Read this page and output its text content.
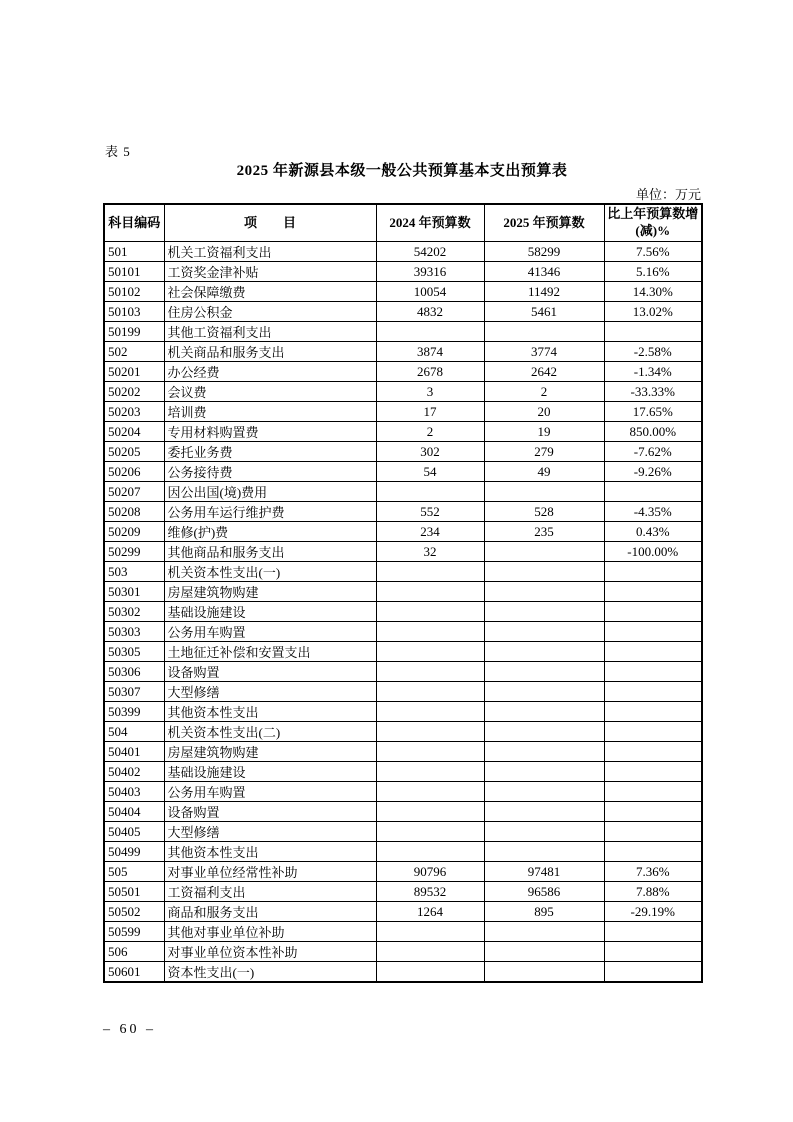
表 5
2025 年新源县本级一般公共预算基本支出预算表
单位：万元
科目编码	项　　目	2024 年预算数	2025 年预算数	比上年预算数增(减)%
501	机关工资福利支出	54202	58299	7.56%
50101	工资奖金津补贴	39316	41346	5.16%
50102	社会保障缴费	10054	11492	14.30%
50103	住房公积金	4832	5461	13.02%
50199	其他工资福利支出			
502	机关商品和服务支出	3874	3774	-2.58%
50201	办公经费	2678	2642	-1.34%
50202	会议费	3	2	-33.33%
50203	培训费	17	20	17.65%
50204	专用材料购置费	2	19	850.00%
50205	委托业务费	302	279	-7.62%
50206	公务接待费	54	49	-9.26%
50207	因公出国(境)费用			
50208	公务用车运行维护费	552	528	-4.35%
50209	维修(护)费	234	235	0.43%
50299	其他商品和服务支出	32		-100.00%
503	机关资本性支出(一)			
50301	房屋建筑物购建			
50302	基础设施建设			
50303	公务用车购置			
50305	土地征迁补偿和安置支出			
50306	设备购置			
50307	大型修缮			
50399	其他资本性支出			
504	机关资本性支出(二)			
50401	房屋建筑物购建			
50402	基础设施建设			
50403	公务用车购置			
50404	设备购置			
50405	大型修缮			
50499	其他资本性支出			
505	对事业单位经常性补助	90796	97481	7.36%
50501	工资福利支出	89532	96586	7.88%
50502	商品和服务支出	1264	895	-29.19%
50599	其他对事业单位补助			
506	对事业单位资本性补助			
50601	资本性支出(一)			
– 60 –
